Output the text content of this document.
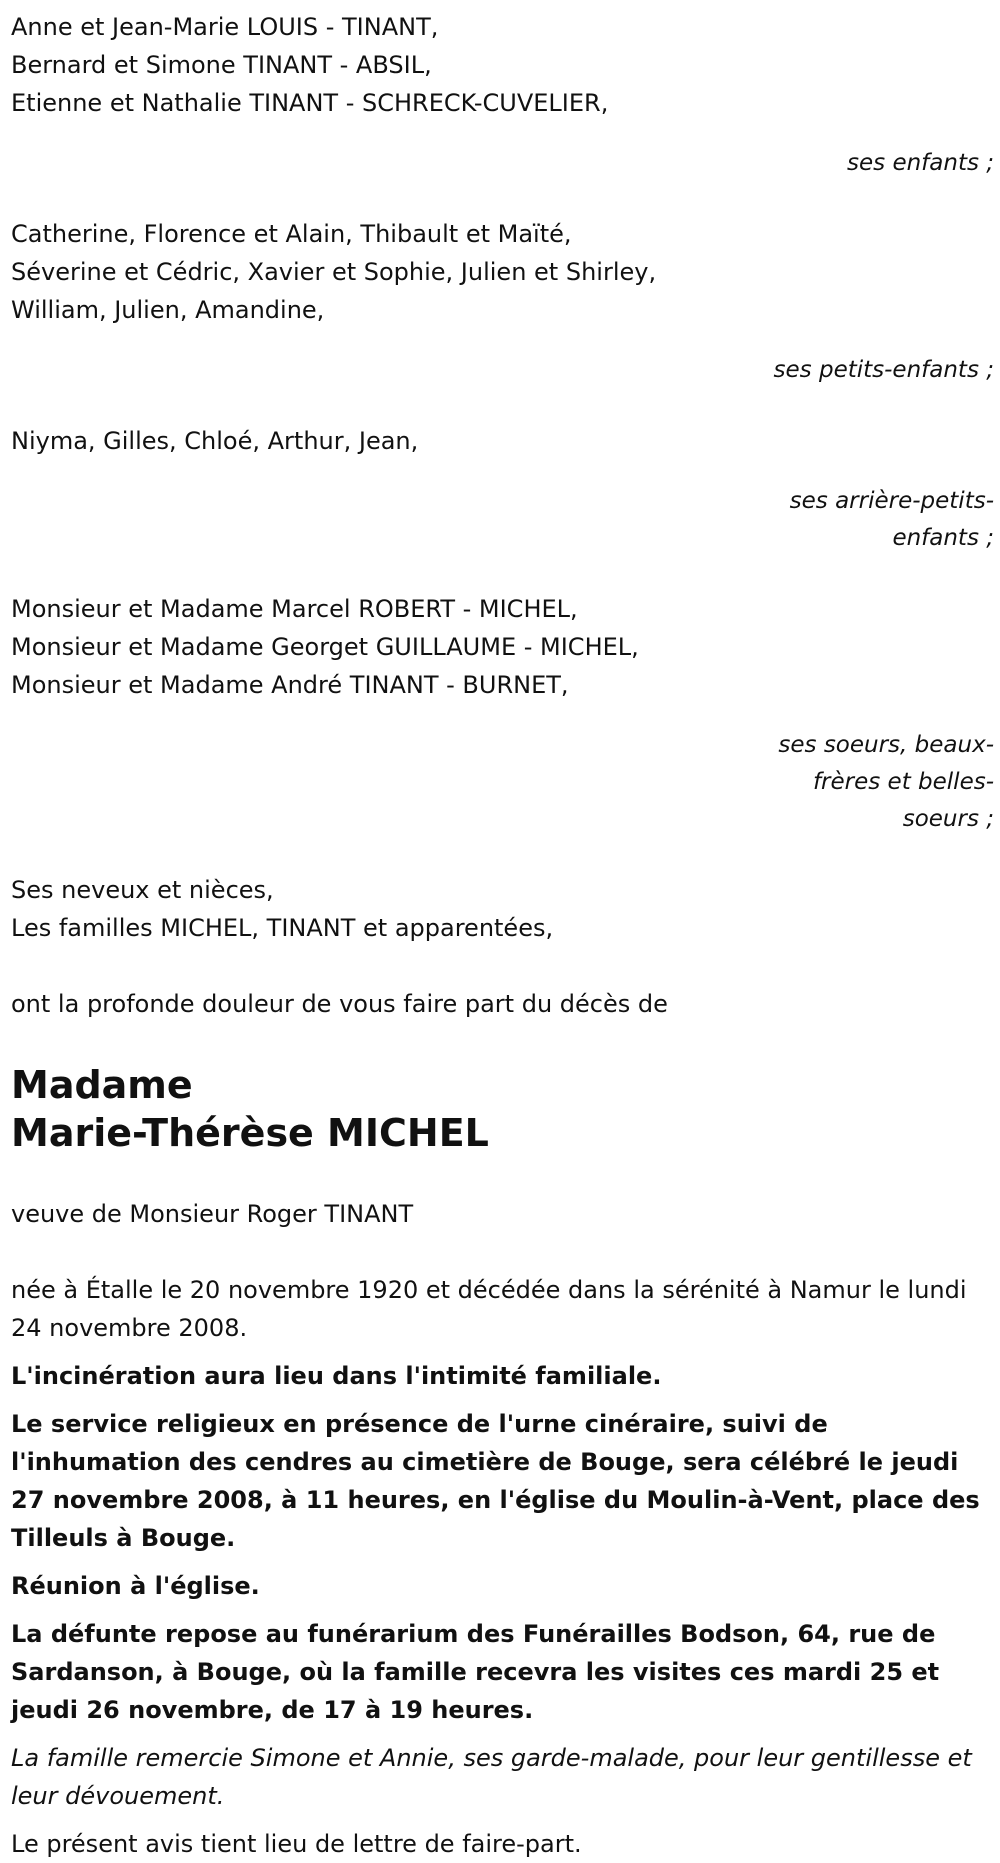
Anne et Jean-Marie LOUIS - TINANT,

Bernard et Simone TINANT - ABSIL,

Etienne et Nathalie TINANT - SCHRECK-CUVELIER,

ses enfants ;

Catherine, Florence et Alain, Thibault et Maïté,

Séverine et Cédric, Xavier et Sophie, Julien et Shirley,

William, Julien, Amandine,

ses petits-enfants ;

Niyma, Gilles, Chloé, Arthur, Jean,

ses arrière-petits-enfants ;

Monsieur et Madame Marcel ROBERT - MICHEL,

Monsieur et Madame Georget GUILLAUME - MICHEL,

Monsieur et Madame André TINANT - BURNET,

ses soeurs, beaux-frères et belles-soeurs ;

Ses neveux et nièces,

Les familles MICHEL, TINANT et apparentées,

ont la profonde douleur de vous faire part du décès de

Madame

Marie-Thérèse MICHEL

veuve de Monsieur Roger TINANT

née à Étalle le 20 novembre 1920 et décédée dans la sérénité à Namur le lundi 24 novembre 2008.

L'incinération aura lieu dans l'intimité familiale.

Le service religieux en présence de l'urne cinéraire, suivi de l'inhumation des cendres au cimetière de Bouge, sera célébré le jeudi 27 novembre 2008, à 11 heures, en l'église du Moulin-à-Vent, place des Tilleuls à Bouge.

Réunion à l'église.

La défunte repose au funérarium des Funérailles Bodson, 64, rue de Sardanson, à Bouge, où la famille recevra les visites ces mardi 25 et jeudi 26 novembre, de 17 à 19 heures.

La famille remercie Simone et Annie, ses garde-malade, pour leur gentillesse et leur dévouement.

Le présent avis tient lieu de lettre de faire-part.
